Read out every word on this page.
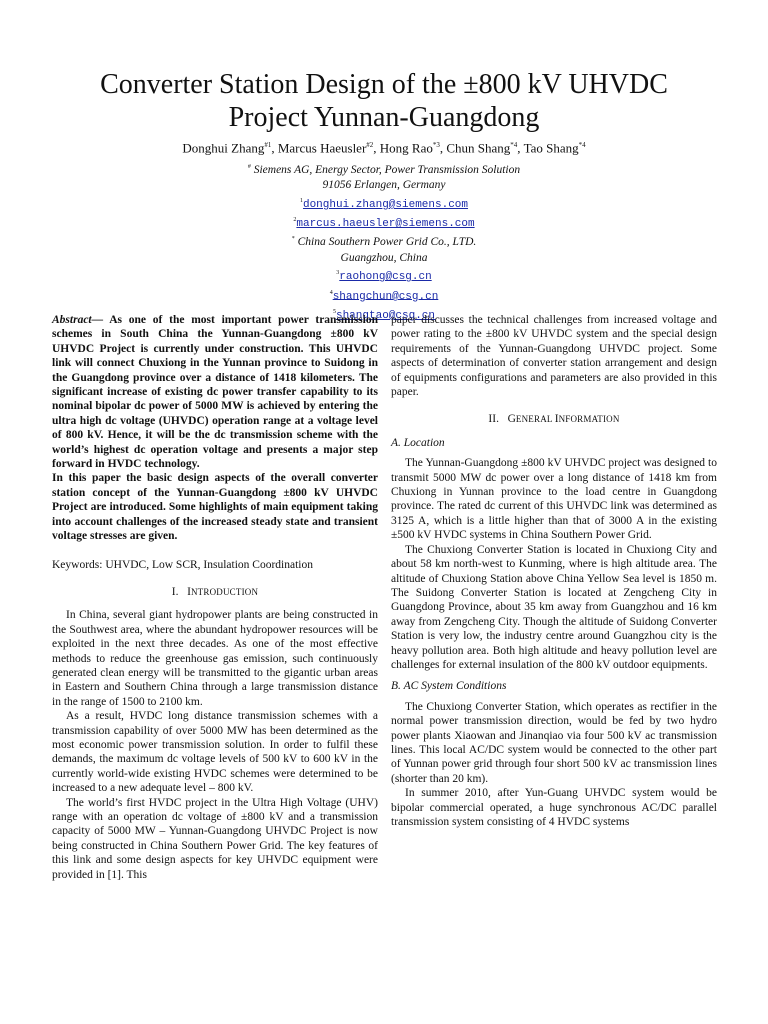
Converter Station Design of the ±800 kV UHVDC
Project Yunnan-Guangdong
Donghui Zhang$^{\#1}$, Marcus Haeusler$^{\#2}$, Hong Rao$^{*3}$, Chun Shang$^{*4}$, Tao Shang$^{*4}$
# Siemens AG, Energy Sector, Power Transmission Solution
91056 Erlangen, Germany
$^1$donghui.zhang@siemens.com
$^2$marcus.haeusler@siemens.com
* China Southern Power Grid Co., LTD.
Guangzhou, China
$^3$raohong@csg.cn
$^4$shangchun@csg.cn
$^5$shangtao@csg.cn

Abstract— As one of the most important power transmission schemes in South China the Yunnan-Guangdong ±800 kV UHVDC Project is currently under construction. This UHVDC link will connect Chuxiong in the Yunnan province to Suidong in the Guangdong province over a distance of 1418 kilometers. The significant increase of existing dc power transfer capability to its nominal bipolar dc power of 5000 MW is achieved by entering the ultra high dc voltage (UHVDC) operation range at a voltage level of 800 kV. Hence, it will be the dc transmission scheme with the world’s highest dc operation voltage and presents a major step forward in HVDC technology.

In this paper the basic design aspects of the overall converter station concept of the Yunnan-Guangdong ±800 kV UHVDC Project are introduced. Some highlights of main equipment taking into account challenges of the increased steady state and transient voltage stresses are given.

Keywords: UHVDC, Low SCR, Insulation Coordination

I. INTRODUCTION

In China, several giant hydropower plants are being constructed in the Southwest area, where the abundant hydropower resources will be exploited in the next three decades. As one of the most effective methods to reduce the greenhouse gas emission, such continuously generated clean energy will be transmitted to the gigantic urban areas in Eastern and Southern China through a large transmission distance in the range of 1500 to 2100 km.

As a result, HVDC long distance transmission schemes with a transmission capability of over 5000 MW has been determined as the most economic power transmission solution. In order to fulfil these demands, the maximum dc voltage levels of 500 kV to 600 kV in the currently world-wide existing HVDC schemes were determined to be increased to a new adequate level – 800 kV.

The world’s first HVDC project in the Ultra High Voltage (UHV) range with an operation dc voltage of ±800 kV and a transmission capacity of 5000 MW – Yunnan-Guangdong UHVDC Project is now being constructed in China Southern Power Grid. The key features of this link and some design aspects for key UHVDC equipment were provided in [1]. This

paper discusses the technical challenges from increased voltage and power rating to the ±800 kV UHVDC system and the special design requirements of the Yunnan-Guangdong UHVDC project. Some aspects of determination of converter station arrangement and design of equipments configurations and parameters are also provided in this paper.

II. GENERAL INFORMATION

A. Location

The Yunnan-Guangdong ±800 kV UHVDC project was designed to transmit 5000 MW dc power over a long distance of 1418 km from Chuxiong in Yunnan province to the load centre in Guangdong province. The rated dc current of this UHVDC link was determined as 3125 A, which is a little higher than that of 3000 A in the existing ±500 kV HVDC systems in China Southern Power Grid.

The Chuxiong Converter Station is located in Chuxiong City and about 58 km north-west to Kunming, where is high altitude area. The altitude of Chuxiong Station above China Yellow Sea level is 1850 m. The Suidong Converter Station is located at Zengcheng City in Guangdong Province, about 35 km away from Guangzhou and 16 km away from Zengcheng City. Though the altitude of Suidong Converter Station is very low, the industry centre around Guangzhou city is the heavy pollution area. Both high altitude and heavy pollution level are challenges for external insulation of the 800 kV outdoor equipments.

B. AC System Conditions

The Chuxiong Converter Station, which operates as rectifier in the normal power transmission direction, would be fed by two hydro power plants Xiaowan and Jinanqiao via four 500 kV ac transmission lines. This local AC/DC system would be connected to the other part of Yunnan power grid through four short 500 kV ac transmission lines (shorter than 20 km).

In summer 2010, after Yun-Guang UHVDC system would be bipolar commercial operated, a huge synchronous AC/DC parallel transmission system consisting of 4 HVDC systems
